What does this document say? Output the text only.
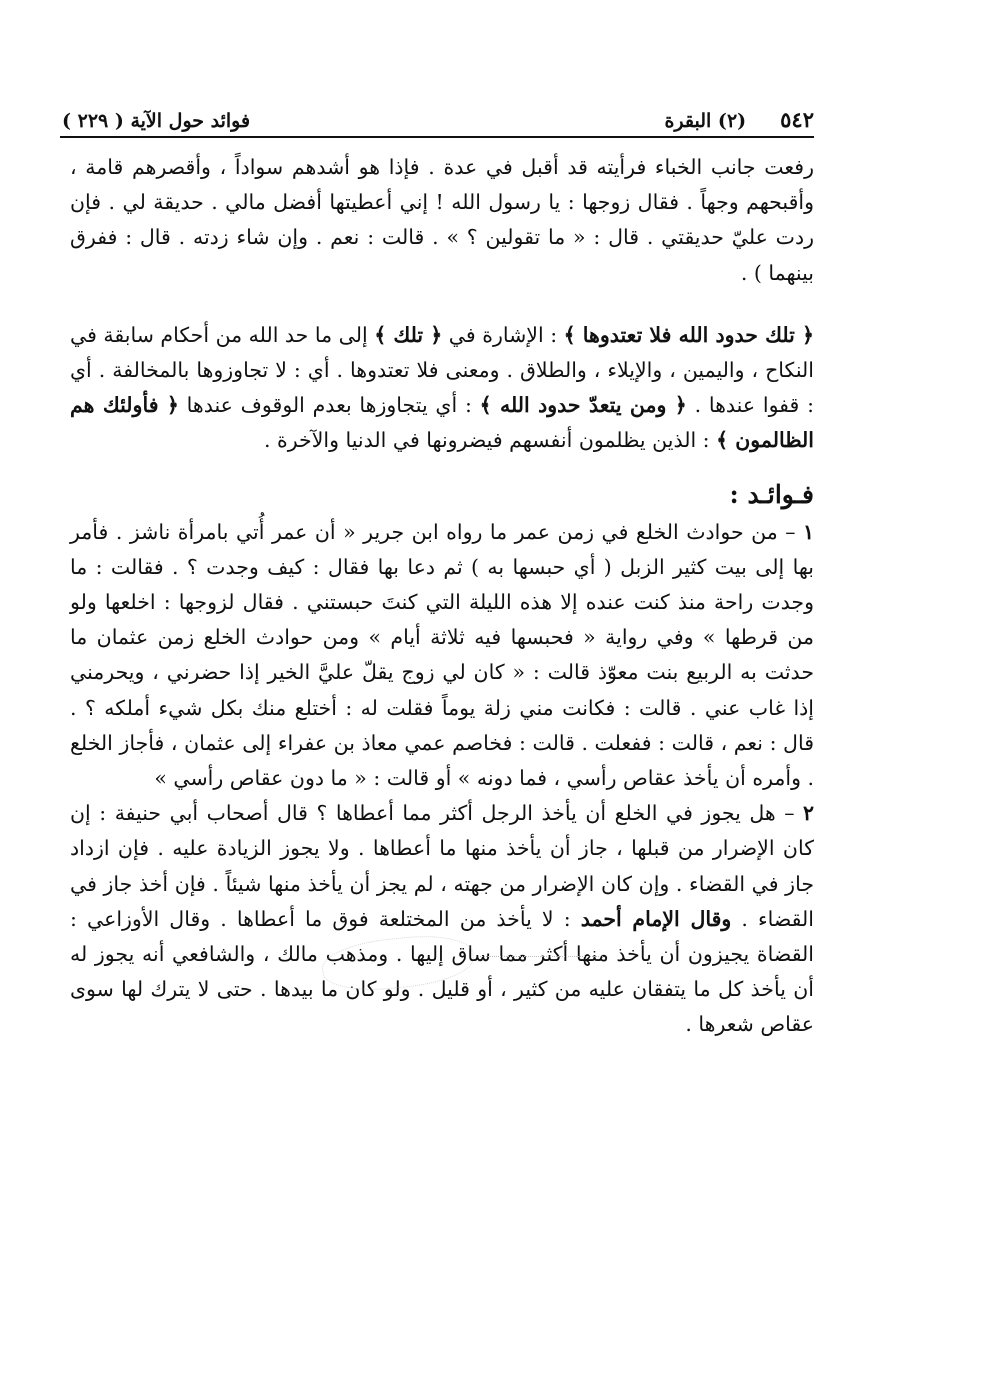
٥٤٢
(٢) البقرة
فوائد حول الآية ( ٢٢٩ )

رفعت جانب الخباء فرأيته قد أقبل في عدة . فإذا هو أشدهم سواداً ، وأقصرهم قامة ، وأقبحهم وجهاً . فقال زوجها : يا رسول الله ! إني أعطيتها أفضل مالي . حديقة لي . فإن ردت عليّ حديقتي . قال : « ما تقولين ؟ » . قالت : نعم . وإن شاء زدته . قال : ففرق بينهما ) .

﴿ تلك حدود الله فلا تعتدوها ﴾ : الإشارة في ﴿ تلك ﴾ إلى ما حد الله من أحكام سابقة في النكاح ، واليمين ، والإيلاء ، والطلاق . ومعنى فلا تعتدوها . أي : لا تجاوزوها بالمخالفة . أي : قفوا عندها . ﴿ ومن يتعدّ حدود الله ﴾ : أي يتجاوزها بعدم الوقوف عندها ﴿ فأولئك هم الظالمون ﴾ : الذين يظلمون أنفسهم فيضرونها في الدنيا والآخرة .

فـوائـد :

١ – من حوادث الخلع في زمن عمر ما رواه ابن جرير « أن عمر أُتي بامرأة ناشز . فأمر بها إلى بيت كثير الزبل ( أي حبسها به ) ثم دعا بها فقال : كيف وجدت ؟ . فقالت : ما وجدت راحة منذ كنت عنده إلا هذه الليلة التي كنتَ حبستني . فقال لزوجها : اخلعها ولو من قرطها » وفي رواية « فحبسها فيه ثلاثة أيام » ومن حوادث الخلع زمن عثمان ما حدثت به الربيع بنت معوّذ قالت : « كان لي زوج يقلّ عليَّ الخير إذا حضرني ، ويحرمني إذا غاب عني . قالت : فكانت مني زلة يوماً فقلت له : أختلع منك بكل شيء أملكه ؟ . قال : نعم ، قالت : ففعلت . قالت : فخاصم عمي معاذ بن عفراء إلى عثمان ، فأجاز الخلع . وأمره أن يأخذ عقاص رأسي ، فما دونه » أو قالت : « ما دون عقاص رأسي »

٢ – هل يجوز في الخلع أن يأخذ الرجل أكثر مما أعطاها ؟ قال أصحاب أبي حنيفة : إن كان الإضرار من قبلها ، جاز أن يأخذ منها ما أعطاها . ولا يجوز الزيادة عليه . فإن ازداد جاز في القضاء . وإن كان الإضرار من جهته ، لم يجز أن يأخذ منها شيئاً . فإن أخذ جاز في القضاء . وقال الإمام أحمد : لا يأخذ من المختلعة فوق ما أعطاها . وقال الأوزاعي : القضاة يجيزون أن يأخذ منها أكثر مما ساق إليها . ومذهب مالك ، والشافعي أنه يجوز له أن يأخذ كل ما يتفقان عليه من كثير ، أو قليل . ولو كان ما بيدها . حتى لا يترك لها سوى عقاص شعرها .
